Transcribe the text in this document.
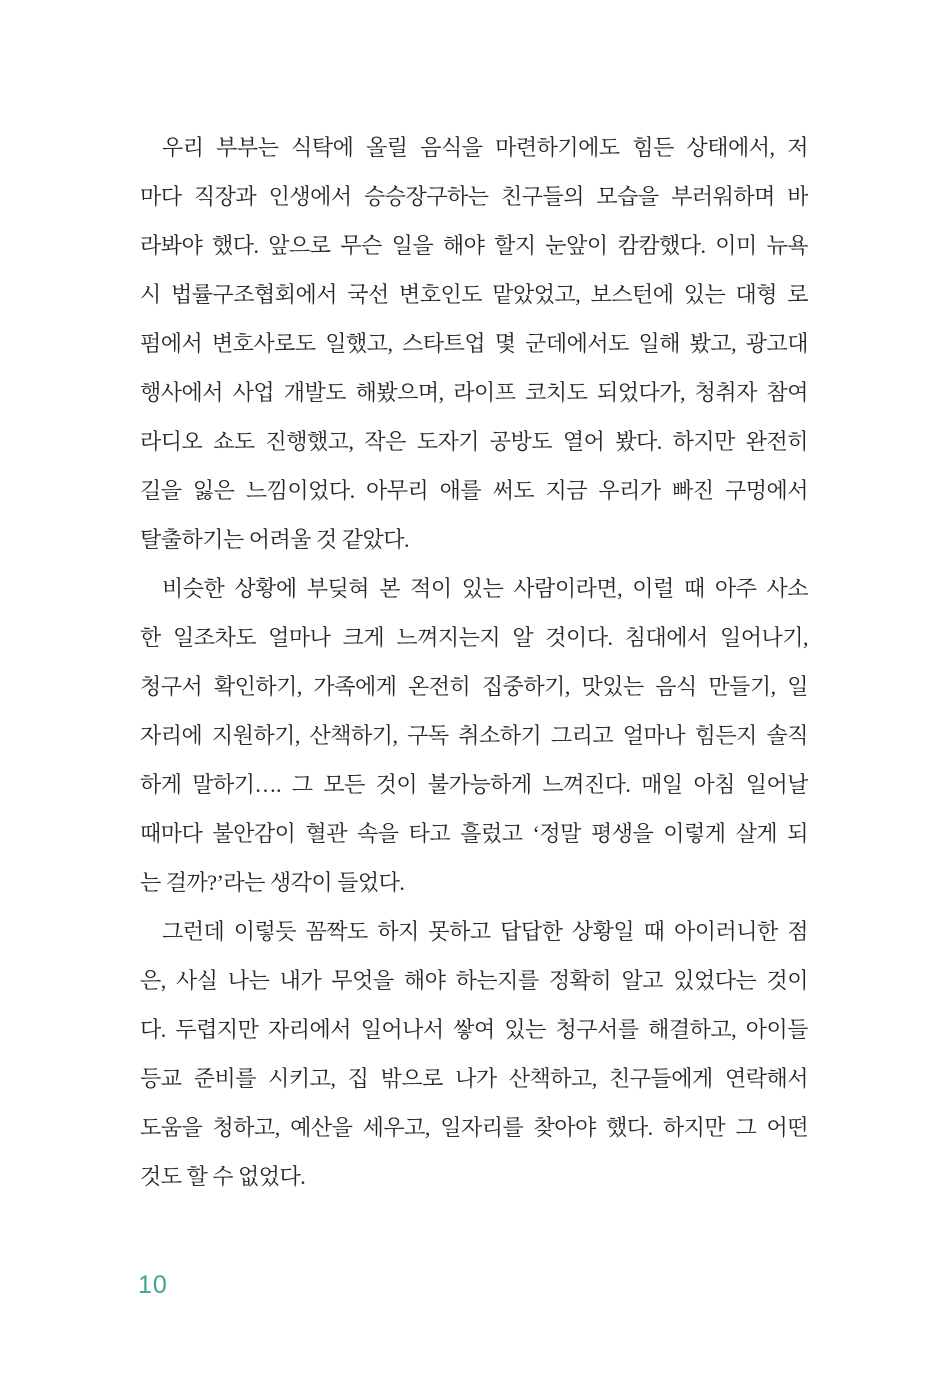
우리 부부는 식탁에 올릴 음식을 마련하기에도 힘든 상태에서, 저
마다 직장과 인생에서 승승장구하는 친구들의 모습을 부러워하며 바
라봐야 했다. 앞으로 무슨 일을 해야 할지 눈앞이 캄캄했다. 이미 뉴욕
시 법률구조협회에서 국선 변호인도 맡았었고, 보스턴에 있는 대형 로
펌에서 변호사로도 일했고, 스타트업 몇 군데에서도 일해 봤고, 광고대
행사에서 사업 개발도 해봤으며, 라이프 코치도 되었다가, 청취자 참여
라디오 쇼도 진행했고, 작은 도자기 공방도 열어 봤다. 하지만 완전히
길을 잃은 느낌이었다. 아무리 애를 써도 지금 우리가 빠진 구멍에서
탈출하기는 어려울 것 같았다.
비슷한 상황에 부딪혀 본 적이 있는 사람이라면, 이럴 때 아주 사소
한 일조차도 얼마나 크게 느껴지는지 알 것이다. 침대에서 일어나기,
청구서 확인하기, 가족에게 온전히 집중하기, 맛있는 음식 만들기, 일
자리에 지원하기, 산책하기, 구독 취소하기 그리고 얼마나 힘든지 솔직
하게 말하기…. 그 모든 것이 불가능하게 느껴진다. 매일 아침 일어날
때마다 불안감이 혈관 속을 타고 흘렀고 ‘정말 평생을 이렇게 살게 되
는 걸까?’라는 생각이 들었다.
그런데 이렇듯 꼼짝도 하지 못하고 답답한 상황일 때 아이러니한 점
은, 사실 나는 내가 무엇을 해야 하는지를 정확히 알고 있었다는 것이
다. 두렵지만 자리에서 일어나서 쌓여 있는 청구서를 해결하고, 아이들
등교 준비를 시키고, 집 밖으로 나가 산책하고, 친구들에게 연락해서
도움을 청하고, 예산을 세우고, 일자리를 찾아야 했다. 하지만 그 어떤
것도 할 수 없었다.
10
